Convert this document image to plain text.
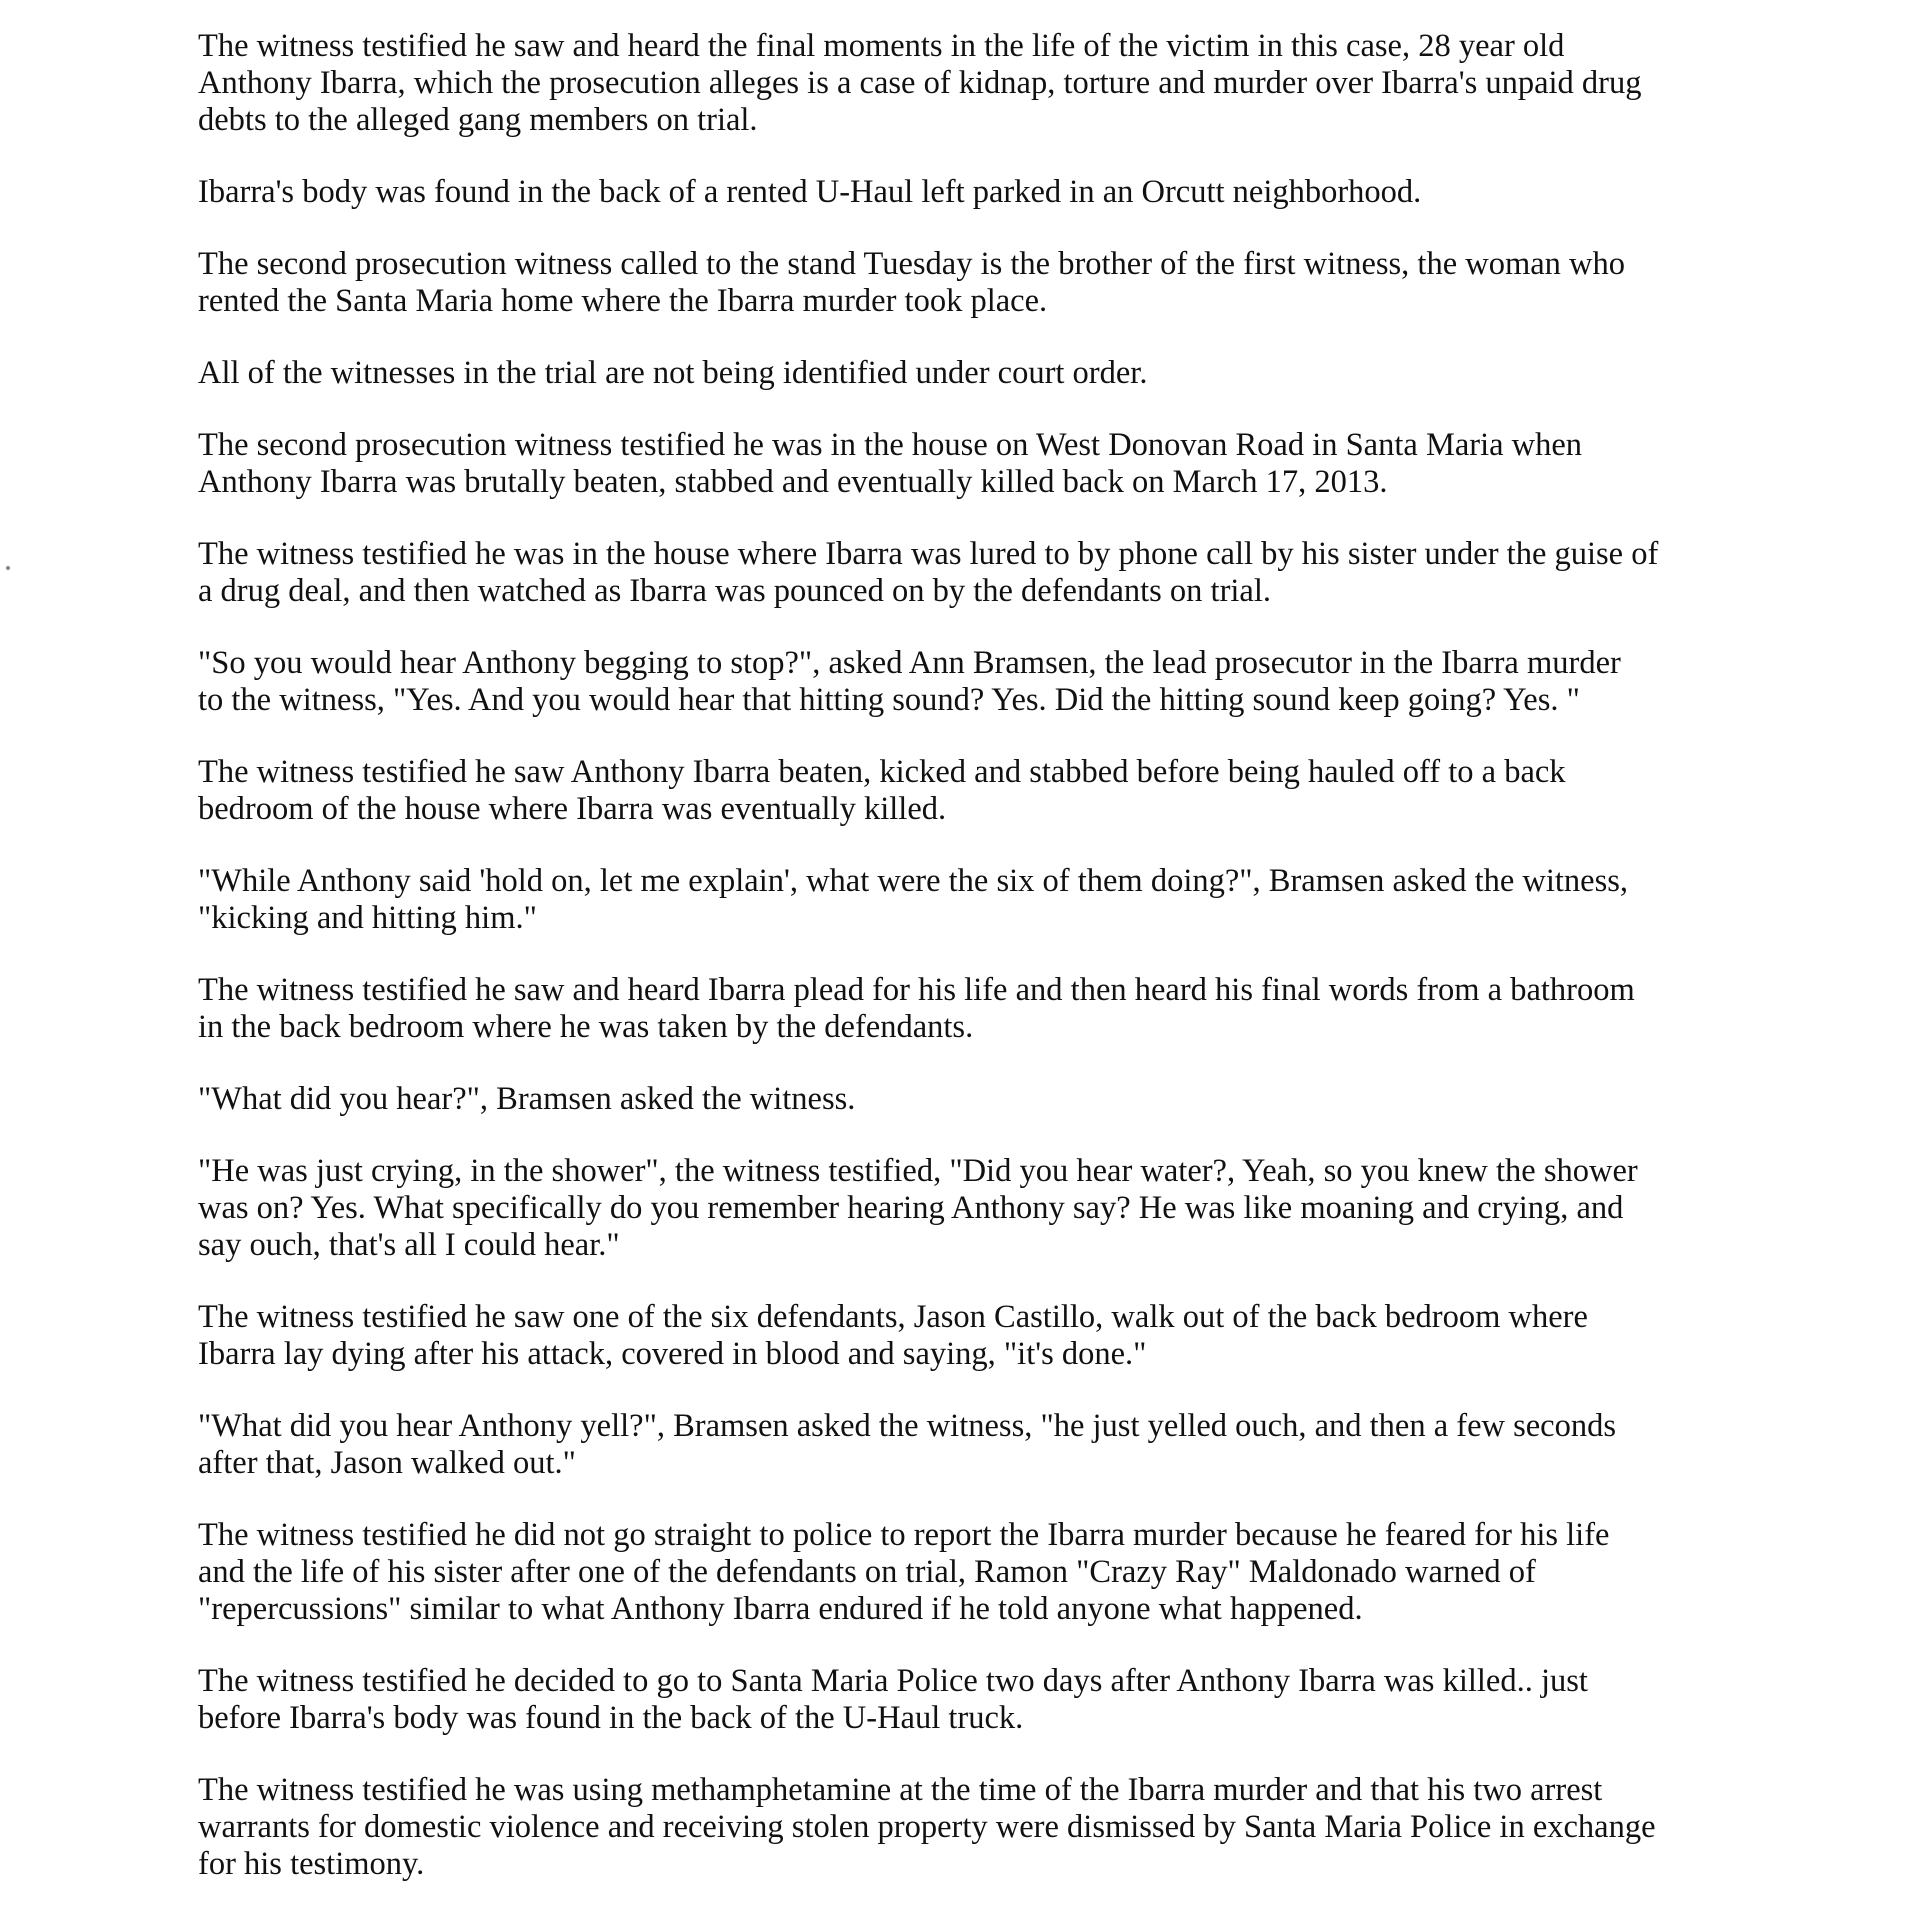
The witness testified he saw and heard the final moments in the life of the victim in this case, 28 year old
Anthony Ibarra, which the prosecution alleges is a case of kidnap, torture and murder over Ibarra's unpaid drug
debts to the alleged gang members on trial.

Ibarra's body was found in the back of a rented U-Haul left parked in an Orcutt neighborhood.

The second prosecution witness called to the stand Tuesday is the brother of the first witness, the woman who
rented the Santa Maria home where the Ibarra murder took place.

All of the witnesses in the trial are not being identified under court order.

The second prosecution witness testified he was in the house on West Donovan Road in Santa Maria when
Anthony Ibarra was brutally beaten, stabbed and eventually killed back on March 17, 2013.

The witness testified he was in the house where Ibarra was lured to by phone call by his sister under the guise of
a drug deal, and then watched as Ibarra was pounced on by the defendants on trial.

"So you would hear Anthony begging to stop?", asked Ann Bramsen, the lead prosecutor in the Ibarra murder
to the witness, "Yes. And you would hear that hitting sound? Yes. Did the hitting sound keep going? Yes. "

The witness testified he saw Anthony Ibarra beaten, kicked and stabbed before being hauled off to a back
bedroom of the house where Ibarra was eventually killed.

"While Anthony said 'hold on, let me explain', what were the six of them doing?", Bramsen asked the witness,
"kicking and hitting him."

The witness testified he saw and heard Ibarra plead for his life and then heard his final words from a bathroom
in the back bedroom where he was taken by the defendants.

"What did you hear?", Bramsen asked the witness.

"He was just crying, in the shower", the witness testified, "Did you hear water?, Yeah, so you knew the shower
was on? Yes. What specifically do you remember hearing Anthony say? He was like moaning and crying, and
say ouch, that's all I could hear."

The witness testified he saw one of the six defendants, Jason Castillo, walk out of the back bedroom where
Ibarra lay dying after his attack, covered in blood and saying, "it's done."

"What did you hear Anthony yell?", Bramsen asked the witness, "he just yelled ouch, and then a few seconds
after that, Jason walked out."

The witness testified he did not go straight to police to report the Ibarra murder because he feared for his life
and the life of his sister after one of the defendants on trial, Ramon "Crazy Ray" Maldonado warned of
"repercussions" similar to what Anthony Ibarra endured if he told anyone what happened.

The witness testified he decided to go to Santa Maria Police two days after Anthony Ibarra was killed.. just
before Ibarra's body was found in the back of the U-Haul truck.

The witness testified he was using methamphetamine at the time of the Ibarra murder and that his two arrest
warrants for domestic violence and receiving stolen property were dismissed by Santa Maria Police in exchange
for his testimony.
